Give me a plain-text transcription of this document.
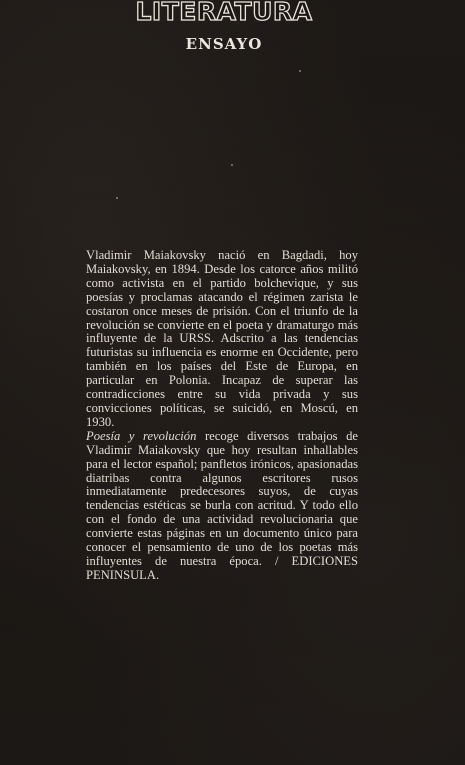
LITERATURA
ENSAYO

Vladimir Maiakovsky nació en Bagdadi, hoy Maiakovsky, en 1894. Desde los catorce años militó como activista en el partido bolchevique, y sus poesías y proclamas atacando el régimen zarista le costaron once meses de prisión. Con el triunfo de la revolución se convierte en el poeta y dramaturgo más influyente de la URSS. Adscrito a las tendencias futuristas su influencia es enorme en Occidente, pero también en los países del Este de Europa, en particular en Polonia. Incapaz de superar las contradicciones entre su vida privada y sus convicciones políticas, se suicidó, en Moscú, en 1930.

Poesía y revolución recoge diversos trabajos de Vladimir Maiakovsky que hoy resultan inhallables para el lector español; panfletos irónicos, apasionadas diatribas contra algunos escritores rusos inmediatamente predecesores suyos, de cuyas tendencias estéticas se burla con acritud. Y todo ello con el fondo de una actividad revolucionaria que convierte estas páginas en un documento único para conocer el pensamiento de uno de los poetas más influyentes de nuestra época. / EDICIONES PENINSULA.
